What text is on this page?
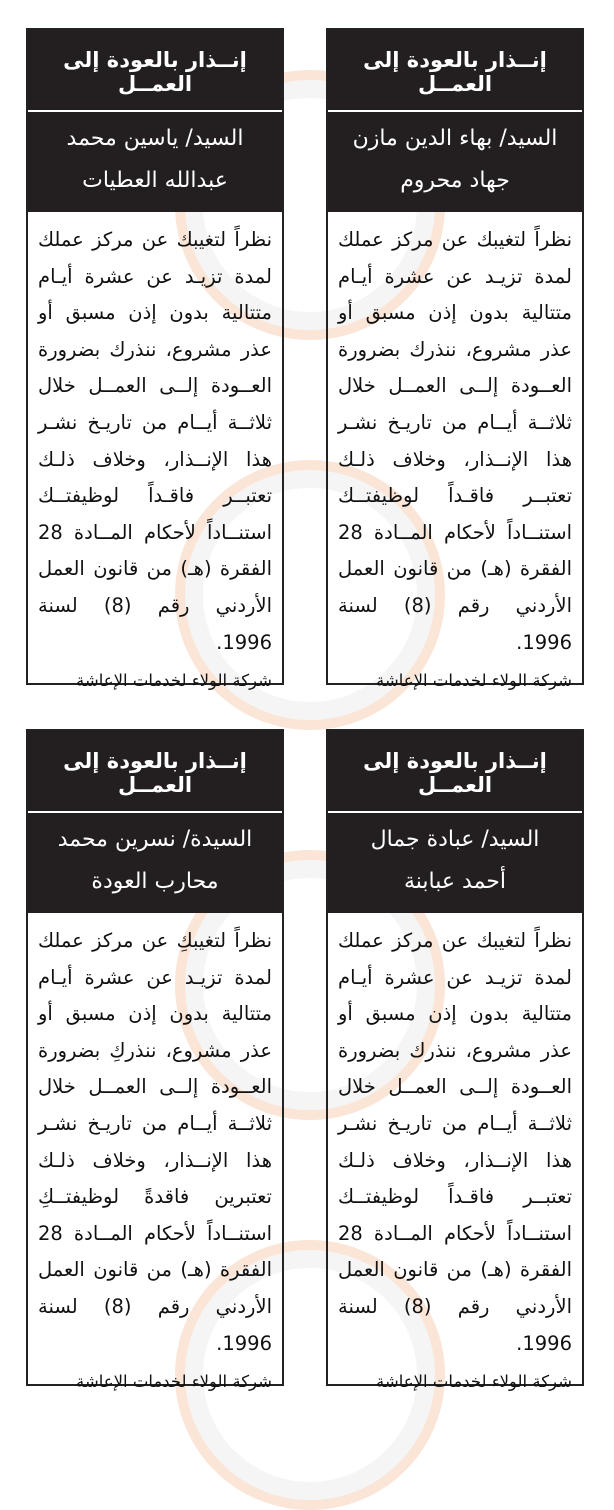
إنــذار بالعودة إلى العمــل
السيد/ بهاء الدين مازن
جهاد محروم

نظراً لتغيبك عن مركز عملك لمدة تزيـد عن عشرة أيـام متتالية بدون إذن مسبق أو عذر مشروع، ننذرك بضرورة العــودة إلــى العمــل خلال ثلاثــة أيــام من تاريـخ نشـر هذا الإنــذار، وخلاف ذلـك تعتبــر فاقـداً لوظيفتــك استنــاداً لأحكام المــادة 28 الفقرة (هـ) من قانون العمل الأردني رقم (8) لسنة 1996.

شركة الولاء لخدمات الإعاشة
إنــذار بالعودة إلى العمــل
السيد/ ياسين محمد
عبدالله العطيات

نظراً لتغيبك عن مركز عملك لمدة تزيـد عن عشرة أيـام متتالية بدون إذن مسبق أو عذر مشروع، ننذرك بضرورة العــودة إلــى العمــل خلال ثلاثــة أيــام من تاريـخ نشـر هذا الإنــذار، وخلاف ذلـك تعتبــر فاقـداً لوظيفتــك استنــاداً لأحكام المــادة 28 الفقرة (هـ) من قانون العمل الأردني رقم (8) لسنة 1996.

شركة الولاء لخدمات الإعاشة
إنــذار بالعودة إلى العمــل
السيد/ عبادة جمال
أحمد عبابنة

نظراً لتغيبك عن مركز عملك لمدة تزيـد عن عشرة أيـام متتالية بدون إذن مسبق أو عذر مشروع، ننذرك بضرورة العــودة إلــى العمــل خلال ثلاثــة أيــام من تاريـخ نشـر هذا الإنــذار، وخلاف ذلـك تعتبــر فاقـداً لوظيفتــك استنــاداً لأحكام المــادة 28 الفقرة (هـ) من قانون العمل الأردني رقم (8) لسنة 1996.

شركة الولاء لخدمات الإعاشة
إنــذار بالعودة إلى العمــل
السيدة/ نسرين محمد
محارب العودة

نظراً لتغيبكِ عن مركز عملك لمدة تزيـد عن عشرة أيـام متتالية بدون إذن مسبق أو عذر مشروع، ننذركِ بضرورة العــودة إلــى العمــل خلال ثلاثــة أيــام من تاريـخ نشـر هذا الإنــذار، وخلاف ذلـك تعتبرين فاقدةً لوظيفتــكِ استنــاداً لأحكام المــادة 28 الفقرة (هـ) من قانون العمل الأردني رقم (8) لسنة 1996.

شركة الولاء لخدمات الإعاشة
